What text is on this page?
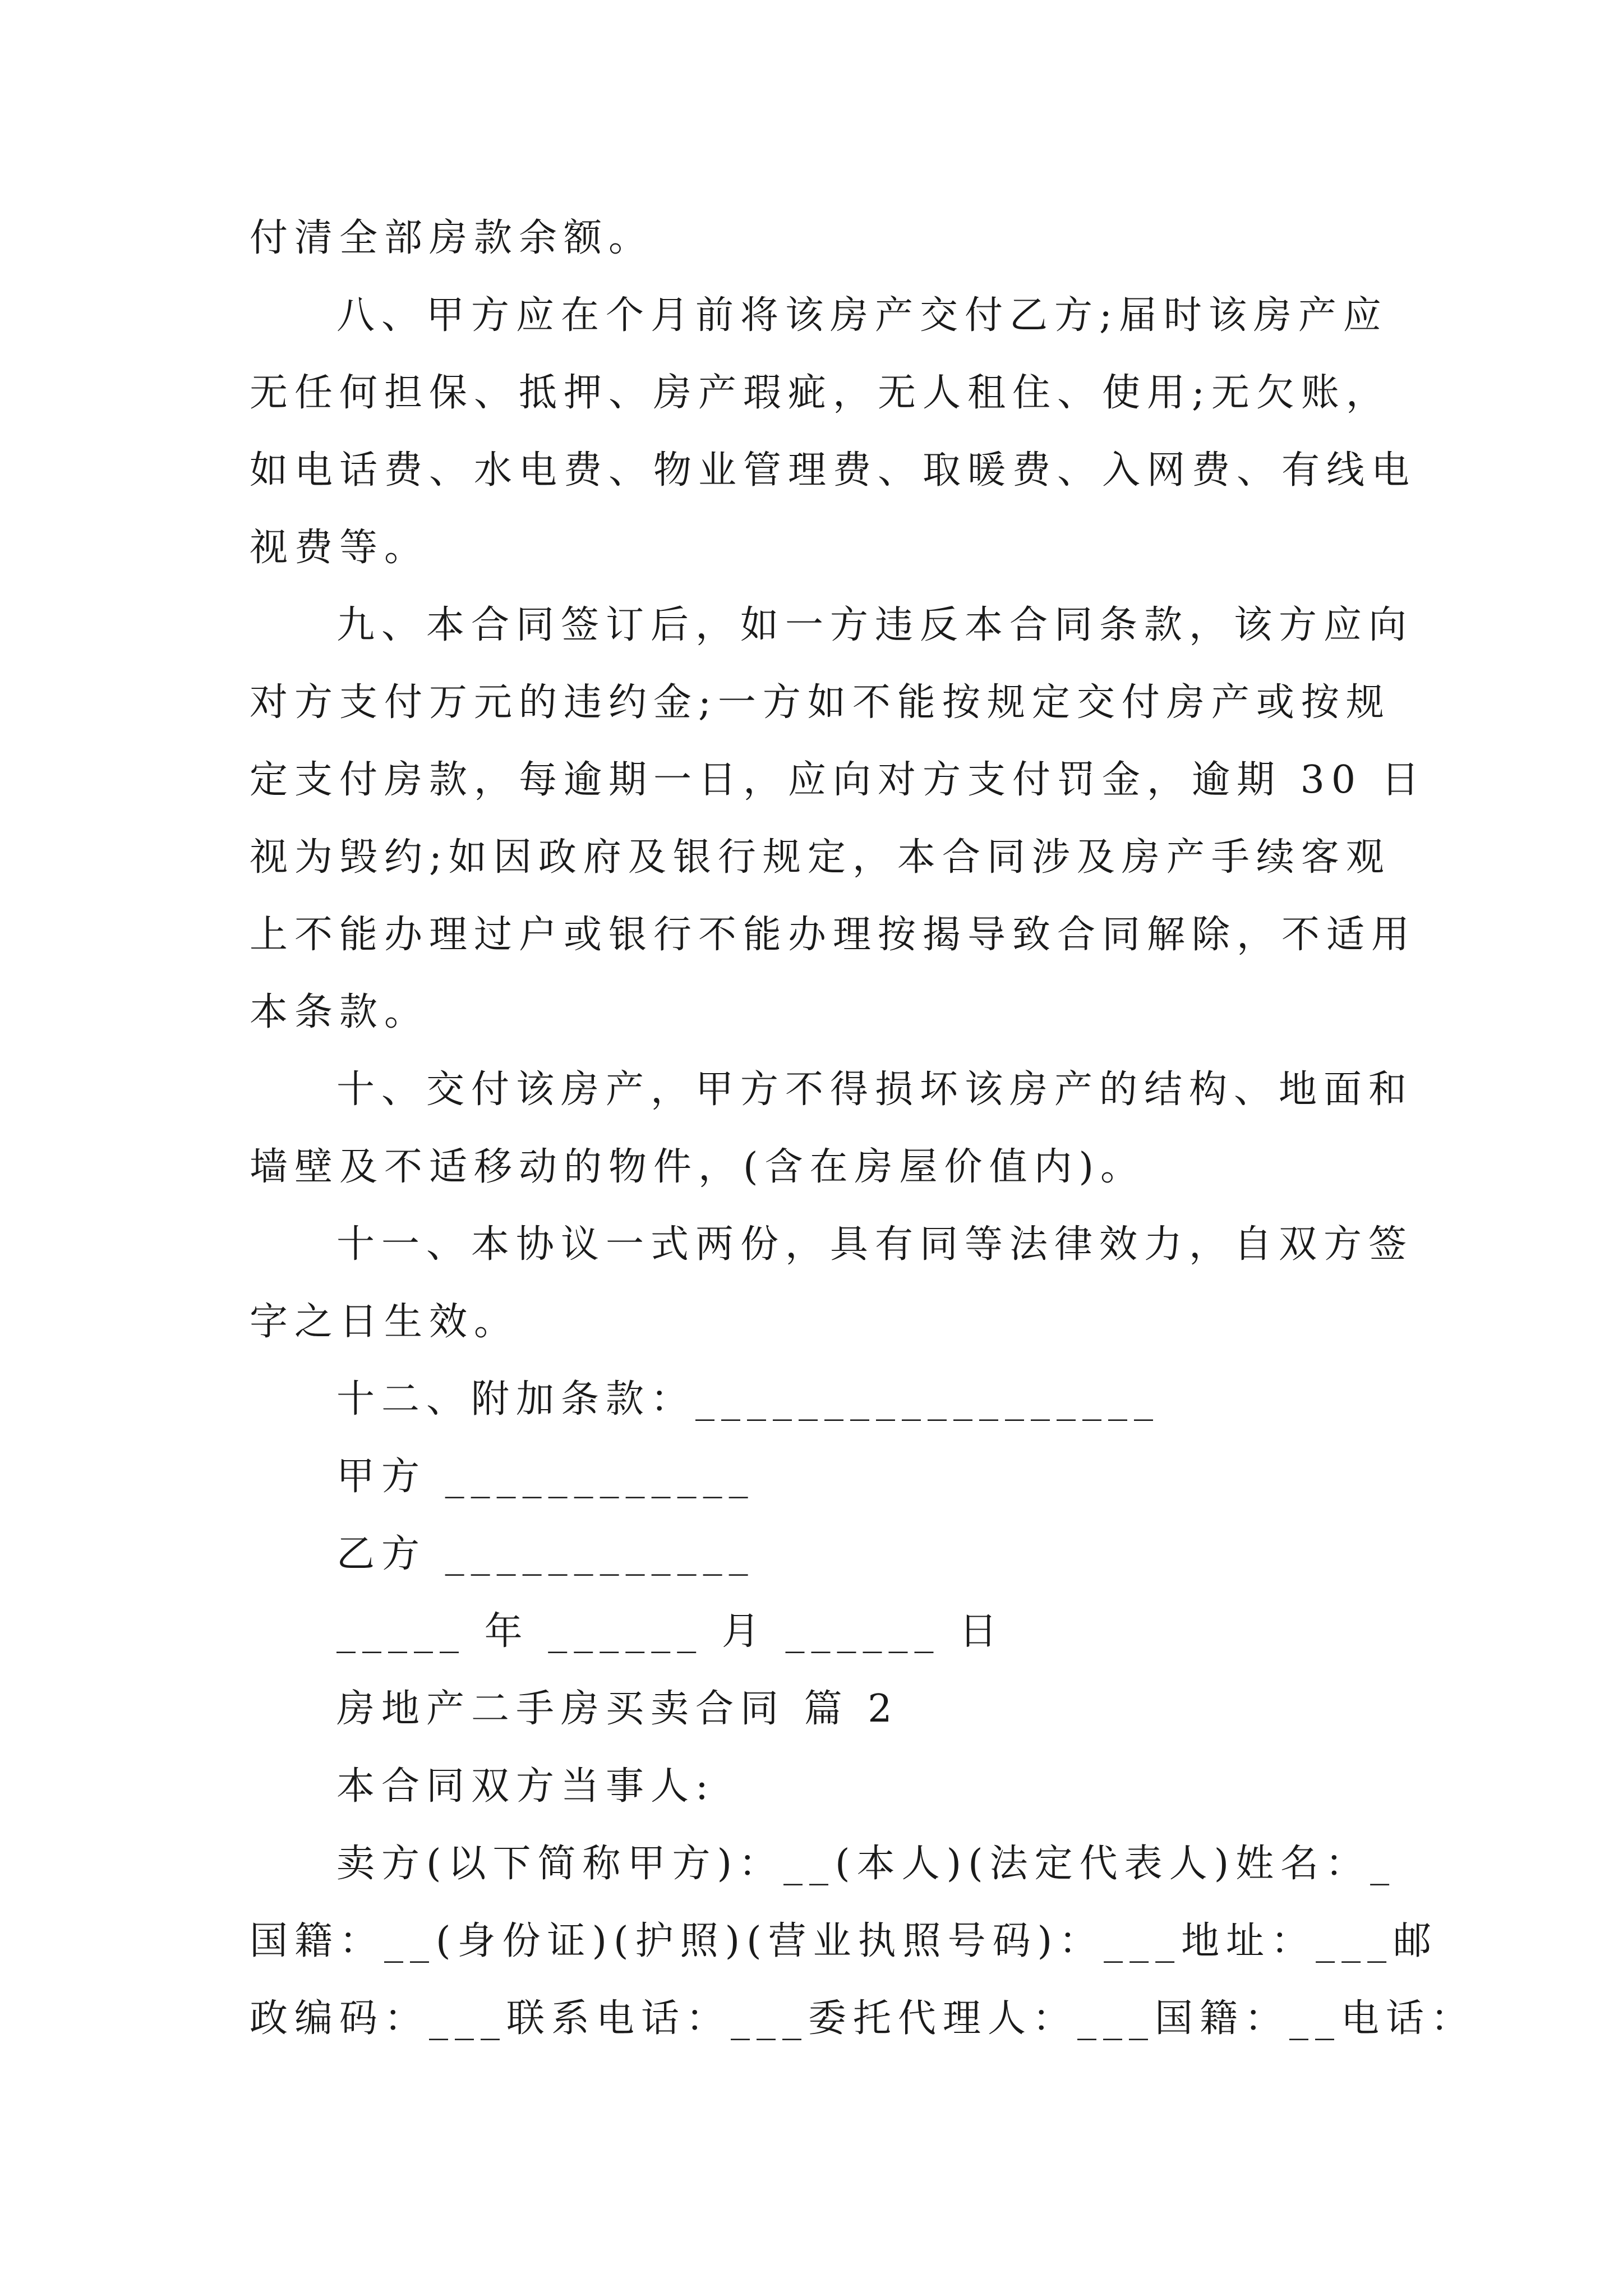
付清全部房款余额。
八、甲方应在个月前将该房产交付乙方;届时该房产应
无任何担保、抵押、房产瑕疵，无人租住、使用;无欠账，
如电话费、水电费、物业管理费、取暖费、入网费、有线电
视费等。
九、本合同签订后，如一方违反本合同条款，该方应向
对方支付万元的违约金;一方如不能按规定交付房产或按规
定支付房款，每逾期一日，应向对方支付罚金，逾期 30 日
视为毁约;如因政府及银行规定，本合同涉及房产手续客观
上不能办理过户或银行不能办理按揭导致合同解除，不适用
本条款。
十、交付该房产，甲方不得损坏该房产的结构、地面和
墙壁及不适移动的物件，(含在房屋价值内)。
十一、本协议一式两份，具有同等法律效力，自双方签
字之日生效。
十二、附加条款：__________________
甲方 ____________
乙方 ____________
_____ 年 ______ 月 ______ 日
房地产二手房买卖合同 篇 2
本合同双方当事人:
卖方(以下简称甲方)：__(本人)(法定代表人)姓名：_
国籍：__(身份证)(护照)(营业执照号码)：___地址：___邮
政编码：___联系电话：___委托代理人：___国籍：__电话：
